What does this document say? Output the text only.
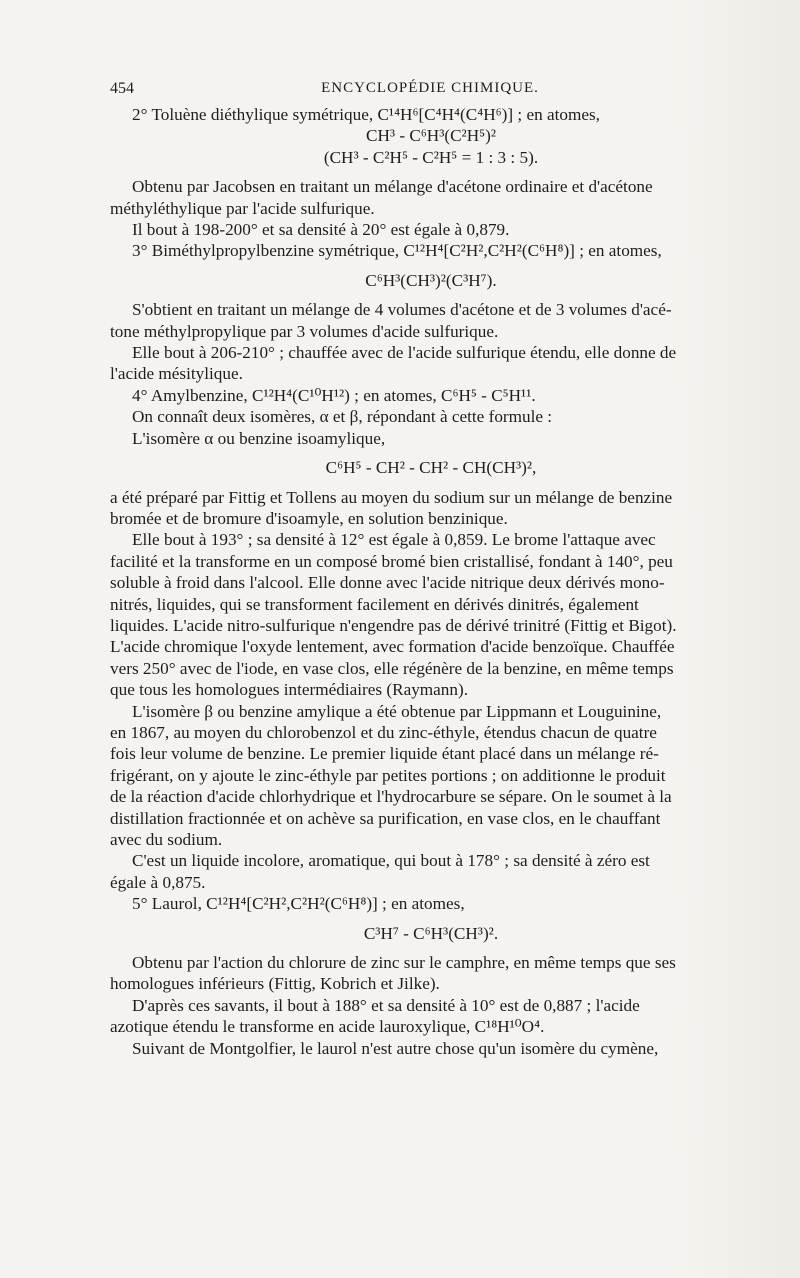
454	ENCYCLOPÉDIE CHIMIQUE.

2° Toluène diéthylique symétrique, C¹⁴H⁶[C⁴H⁴(C⁴H⁶)] ; en atomes,

CH³ - C⁶H³(C²H⁵)²

(CH³ - C²H⁵ - C²H⁵ = 1 : 3 : 5).

Obtenu par Jacobsen en traitant un mélange d'acétone ordinaire et d'acétone

méthyléthylique par l'acide sulfurique.

Il bout à 198-200° et sa densité à 20° est égale à 0,879.

3° Biméthylpropylbenzine symétrique, C¹²H⁴[C²H²,C²H²(C⁶H⁸)] ; en atomes,

C⁶H³(CH³)²(C³H⁷).

S'obtient en traitant un mélange de 4 volumes d'acétone et de 3 volumes d'acé-

tone méthylpropylique par 3 volumes d'acide sulfurique.

Elle bout à 206-210° ; chauffée avec de l'acide sulfurique étendu, elle donne de

l'acide mésitylique.

4° Amylbenzine, C¹²H⁴(C¹⁰H¹²) ; en atomes, C⁶H⁵ - C⁵H¹¹.

On connaît deux isomères, α et β, répondant à cette formule :

L'isomère α ou benzine isoamylique,

C⁶H⁵ - CH² - CH² - CH(CH³)²,

a été préparé par Fittig et Tollens au moyen du sodium sur un mélange de benzine

bromée et de bromure d'isoamyle, en solution benzinique.

Elle bout à 193° ; sa densité à 12° est égale à 0,859. Le brome l'attaque avec

facilité et la transforme en un composé bromé bien cristallisé, fondant à 140°, peu

soluble à froid dans l'alcool. Elle donne avec l'acide nitrique deux dérivés mono-

nitrés, liquides, qui se transforment facilement en dérivés dinitrés, également

liquides. L'acide nitro-sulfurique n'engendre pas de dérivé trinitré (Fittig et Bigot).

L'acide chromique l'oxyde lentement, avec formation d'acide benzoïque. Chauffée

vers 250° avec de l'iode, en vase clos, elle régénère de la benzine, en même temps

que tous les homologues intermédiaires (Raymann).

L'isomère β ou benzine amylique a été obtenue par Lippmann et Louguinine,

en 1867, au moyen du chlorobenzol et du zinc-éthyle, étendus chacun de quatre

fois leur volume de benzine. Le premier liquide étant placé dans un mélange ré-

frigérant, on y ajoute le zinc-éthyle par petites portions ; on additionne le produit

de la réaction d'acide chlorhydrique et l'hydrocarbure se sépare. On le soumet à la

distillation fractionnée et on achève sa purification, en vase clos, en le chauffant

avec du sodium.

C'est un liquide incolore, aromatique, qui bout à 178° ; sa densité à zéro est

égale à 0,875.

5° Laurol, C¹²H⁴[C²H²,C²H²(C⁶H⁸)] ; en atomes,

C³H⁷ - C⁶H³(CH³)².

Obtenu par l'action du chlorure de zinc sur le camphre, en même temps que ses

homologues inférieurs (Fittig, Kobrich et Jilke).

D'après ces savants, il bout à 188° et sa densité à 10° est de 0,887 ; l'acide

azotique étendu le transforme en acide lauroxylique, C¹⁸H¹⁰O⁴.

Suivant de Montgolfier, le laurol n'est autre chose qu'un isomère du cymène,
